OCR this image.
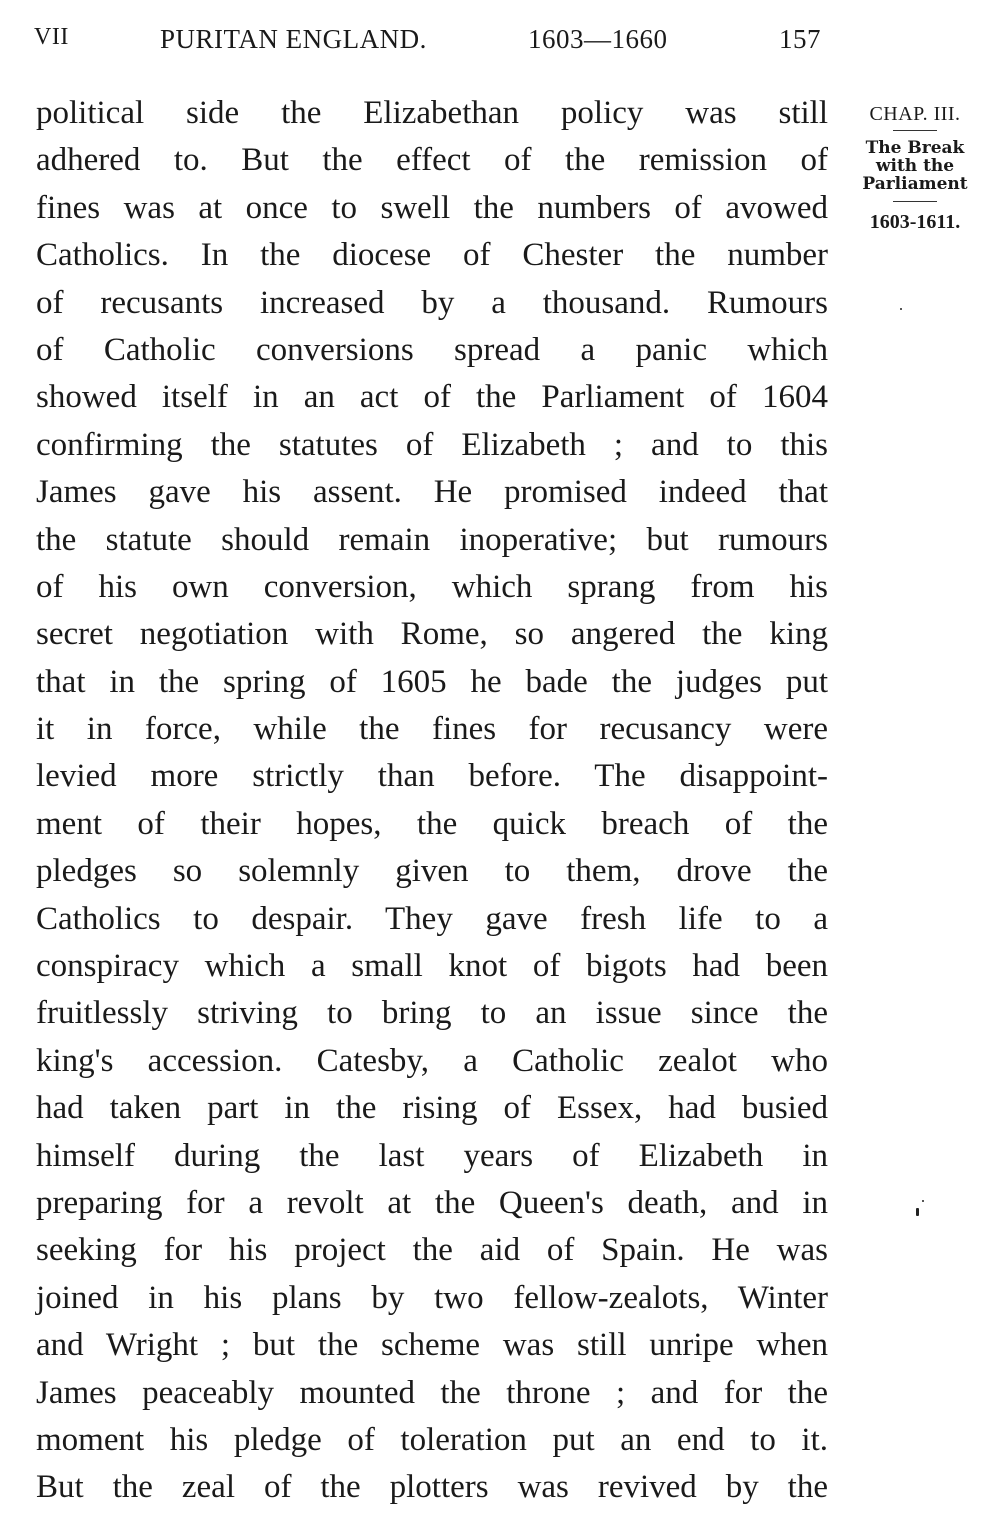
VII	PURITAN ENGLAND.	1603—1660	157
political side the Elizabethan policy was still
adhered to. But the effect of the remission of
fines was at once to swell the numbers of avowed
Catholics. In the diocese of Chester the number
of recusants increased by a thousand. Rumours
of Catholic conversions spread a panic which
showed itself in an act of the Parliament of 1604
confirming the statutes of Elizabeth ; and to this
James gave his assent. He promised indeed that
the statute should remain inoperative; but rumours
of his own conversion, which sprang from his
secret negotiation with Rome, so angered the king
that in the spring of 1605 he bade the judges put
it in force, while the fines for recusancy were
levied more strictly than before. The disappoint-
ment of their hopes, the quick breach of the
pledges so solemnly given to them, drove the
Catholics to despair. They gave fresh life to a
conspiracy which a small knot of bigots had been
fruitlessly striving to bring to an issue since the
king's accession. Catesby, a Catholic zealot who
had taken part in the rising of Essex, had busied
himself during the last years of Elizabeth in
preparing for a revolt at the Queen's death, and in
seeking for his project the aid of Spain. He was
joined in his plans by two fellow-zealots, Winter
and Wright ; but the scheme was still unripe when
James peaceably mounted the throne ; and for the
moment his pledge of toleration put an end to it.
But the zeal of the plotters was revived by the
CHAP. III.
The Break
with the
Parliament
1603-1611.
